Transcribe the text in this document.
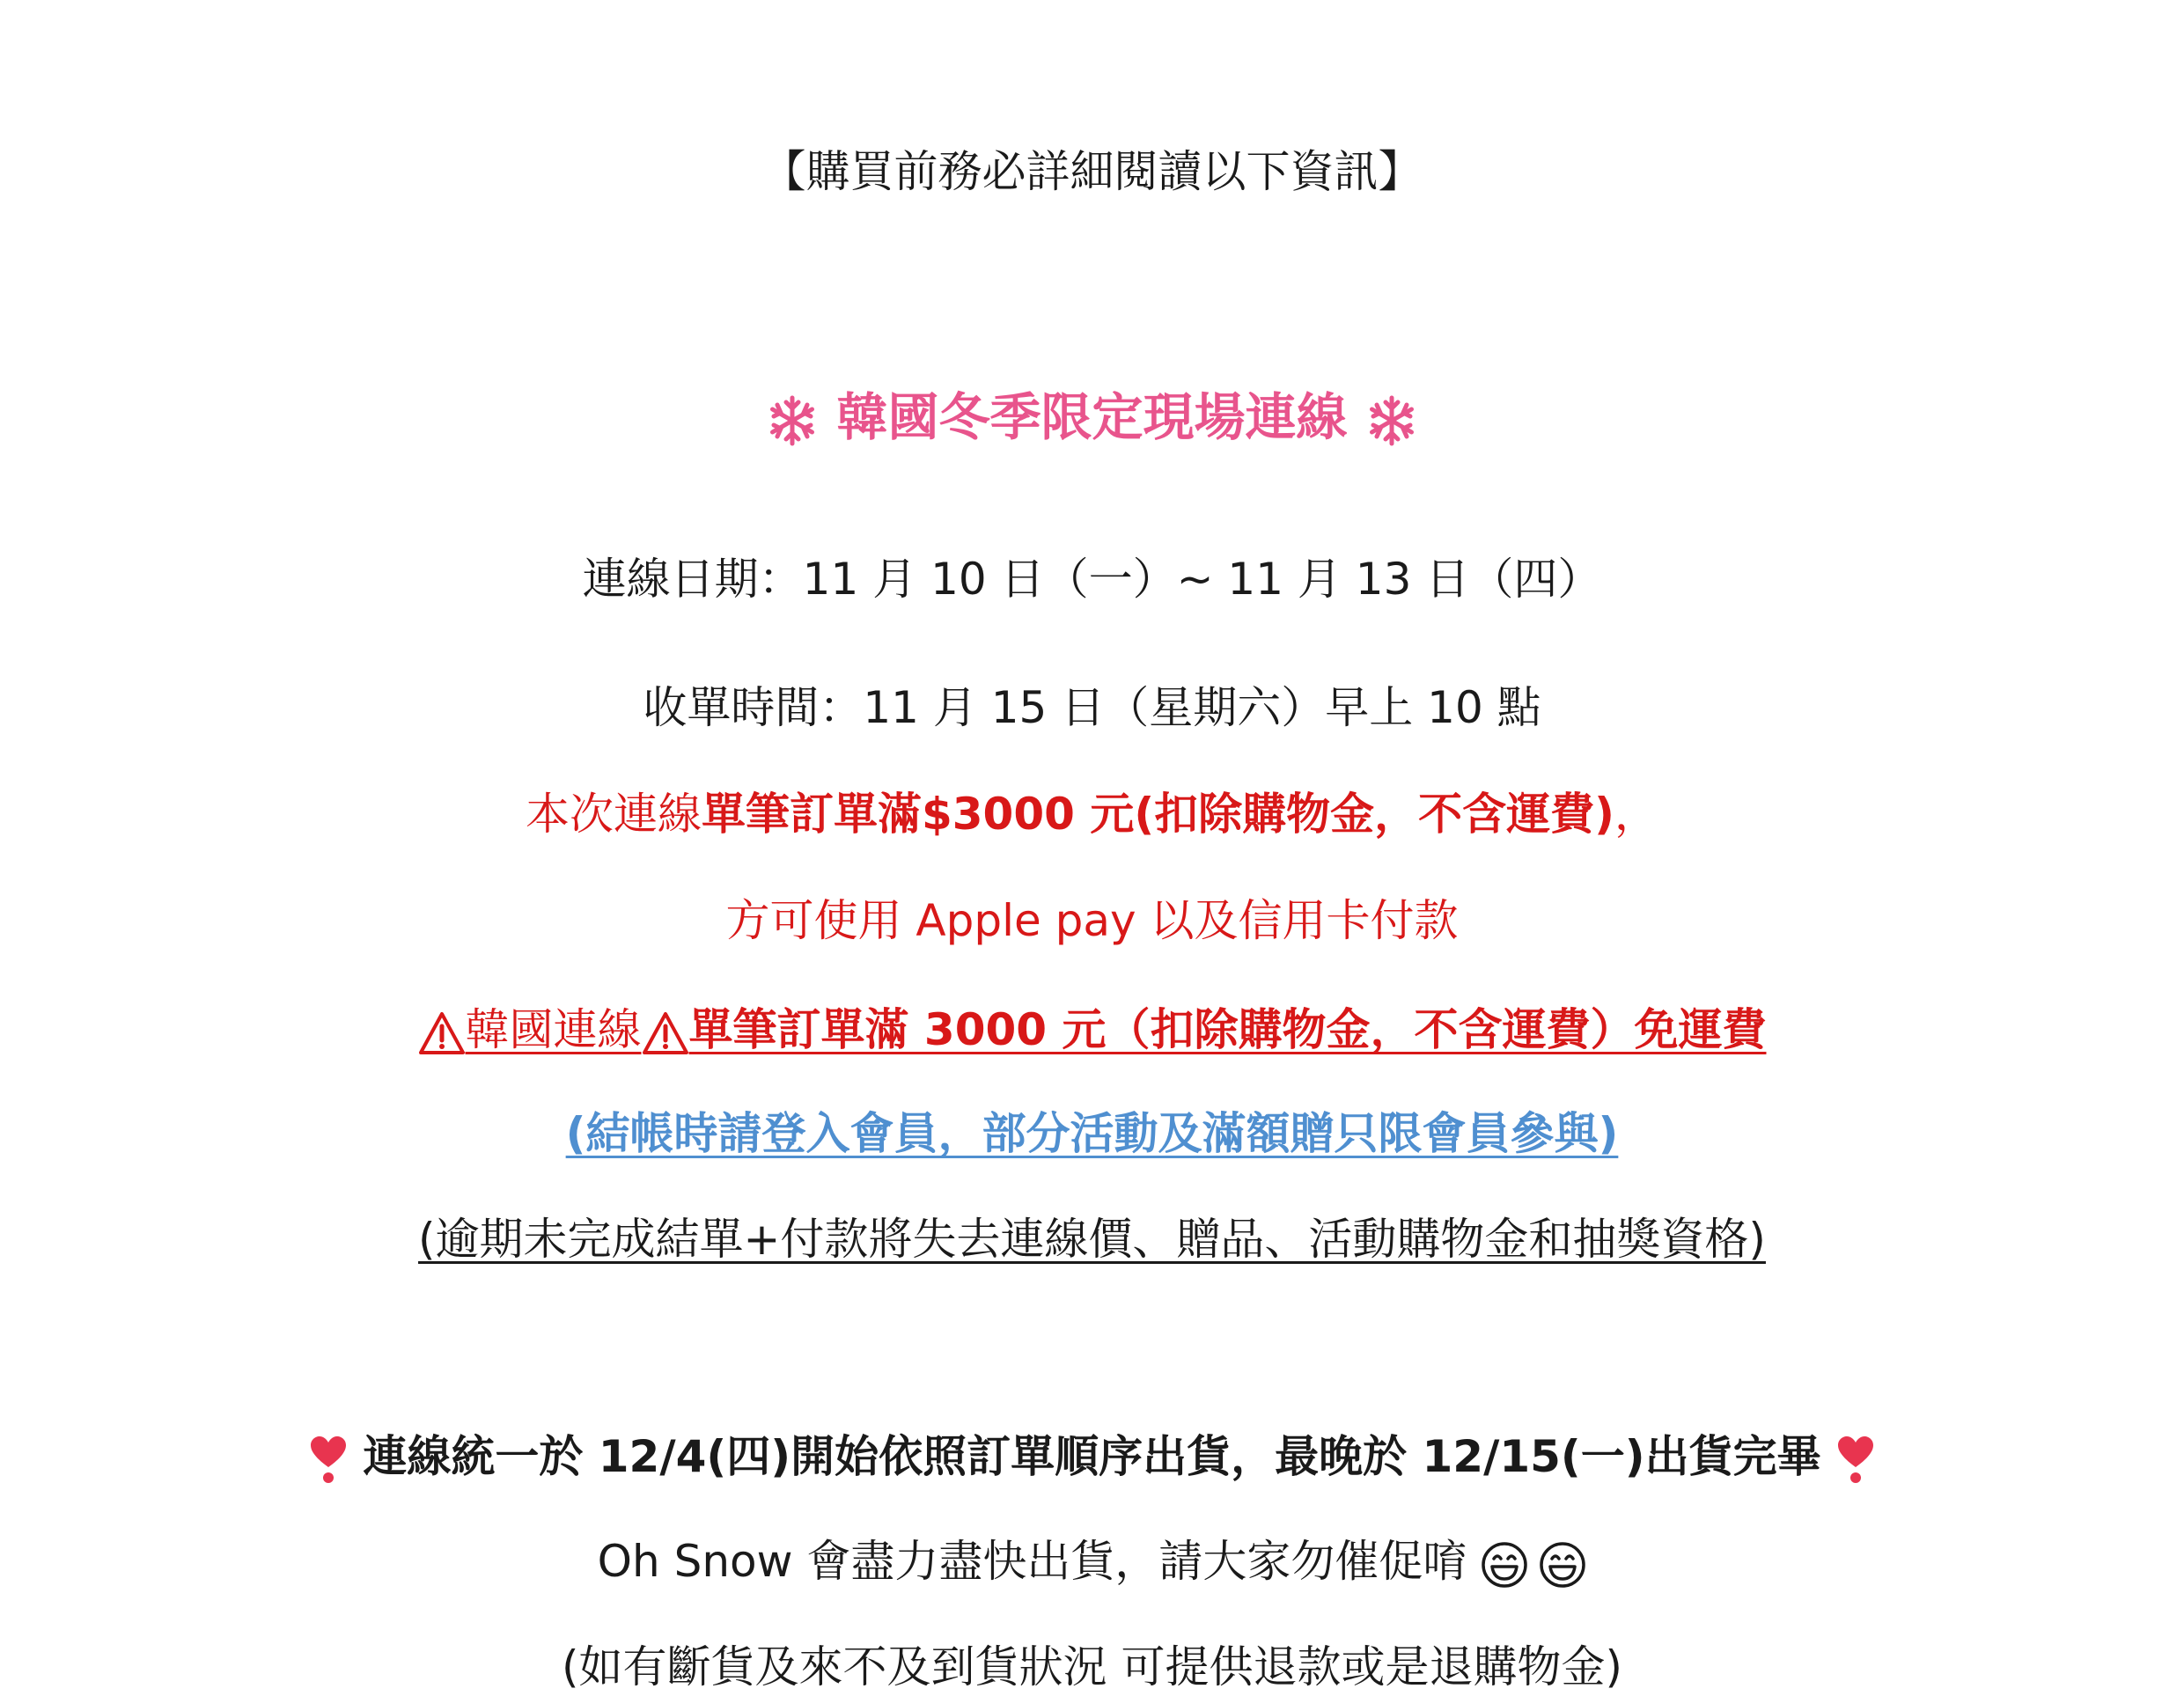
【購買前務必詳細閱讀以下資訊】
韓國冬季限定現場連線
連線日期：11 月 10 日（一）~ 11 月 13 日（四）
收單時間：11 月 15 日（星期六）早上 10 點
本次連線單筆訂單滿$3000 元(扣除購物金，不含運費)，
方可使用 Apple pay 以及信用卡付款
韓國連線 單筆訂單滿 3000 元（扣除購物金，不含運費）免運費
(結帳時請登入會員，部分活動及滿額贈只限會員參與)
(逾期未完成結單+付款將失去連線價、贈品、活動購物金和抽獎資格)
連線統一於 12/4(四)開始依照訂單順序出貨，最晚於 12/15(一)出貨完畢
Oh Snow 會盡力盡快出貨，請大家勿催促唷
(如有斷貨及來不及到貨狀況 可提供退款或是退購物金)
